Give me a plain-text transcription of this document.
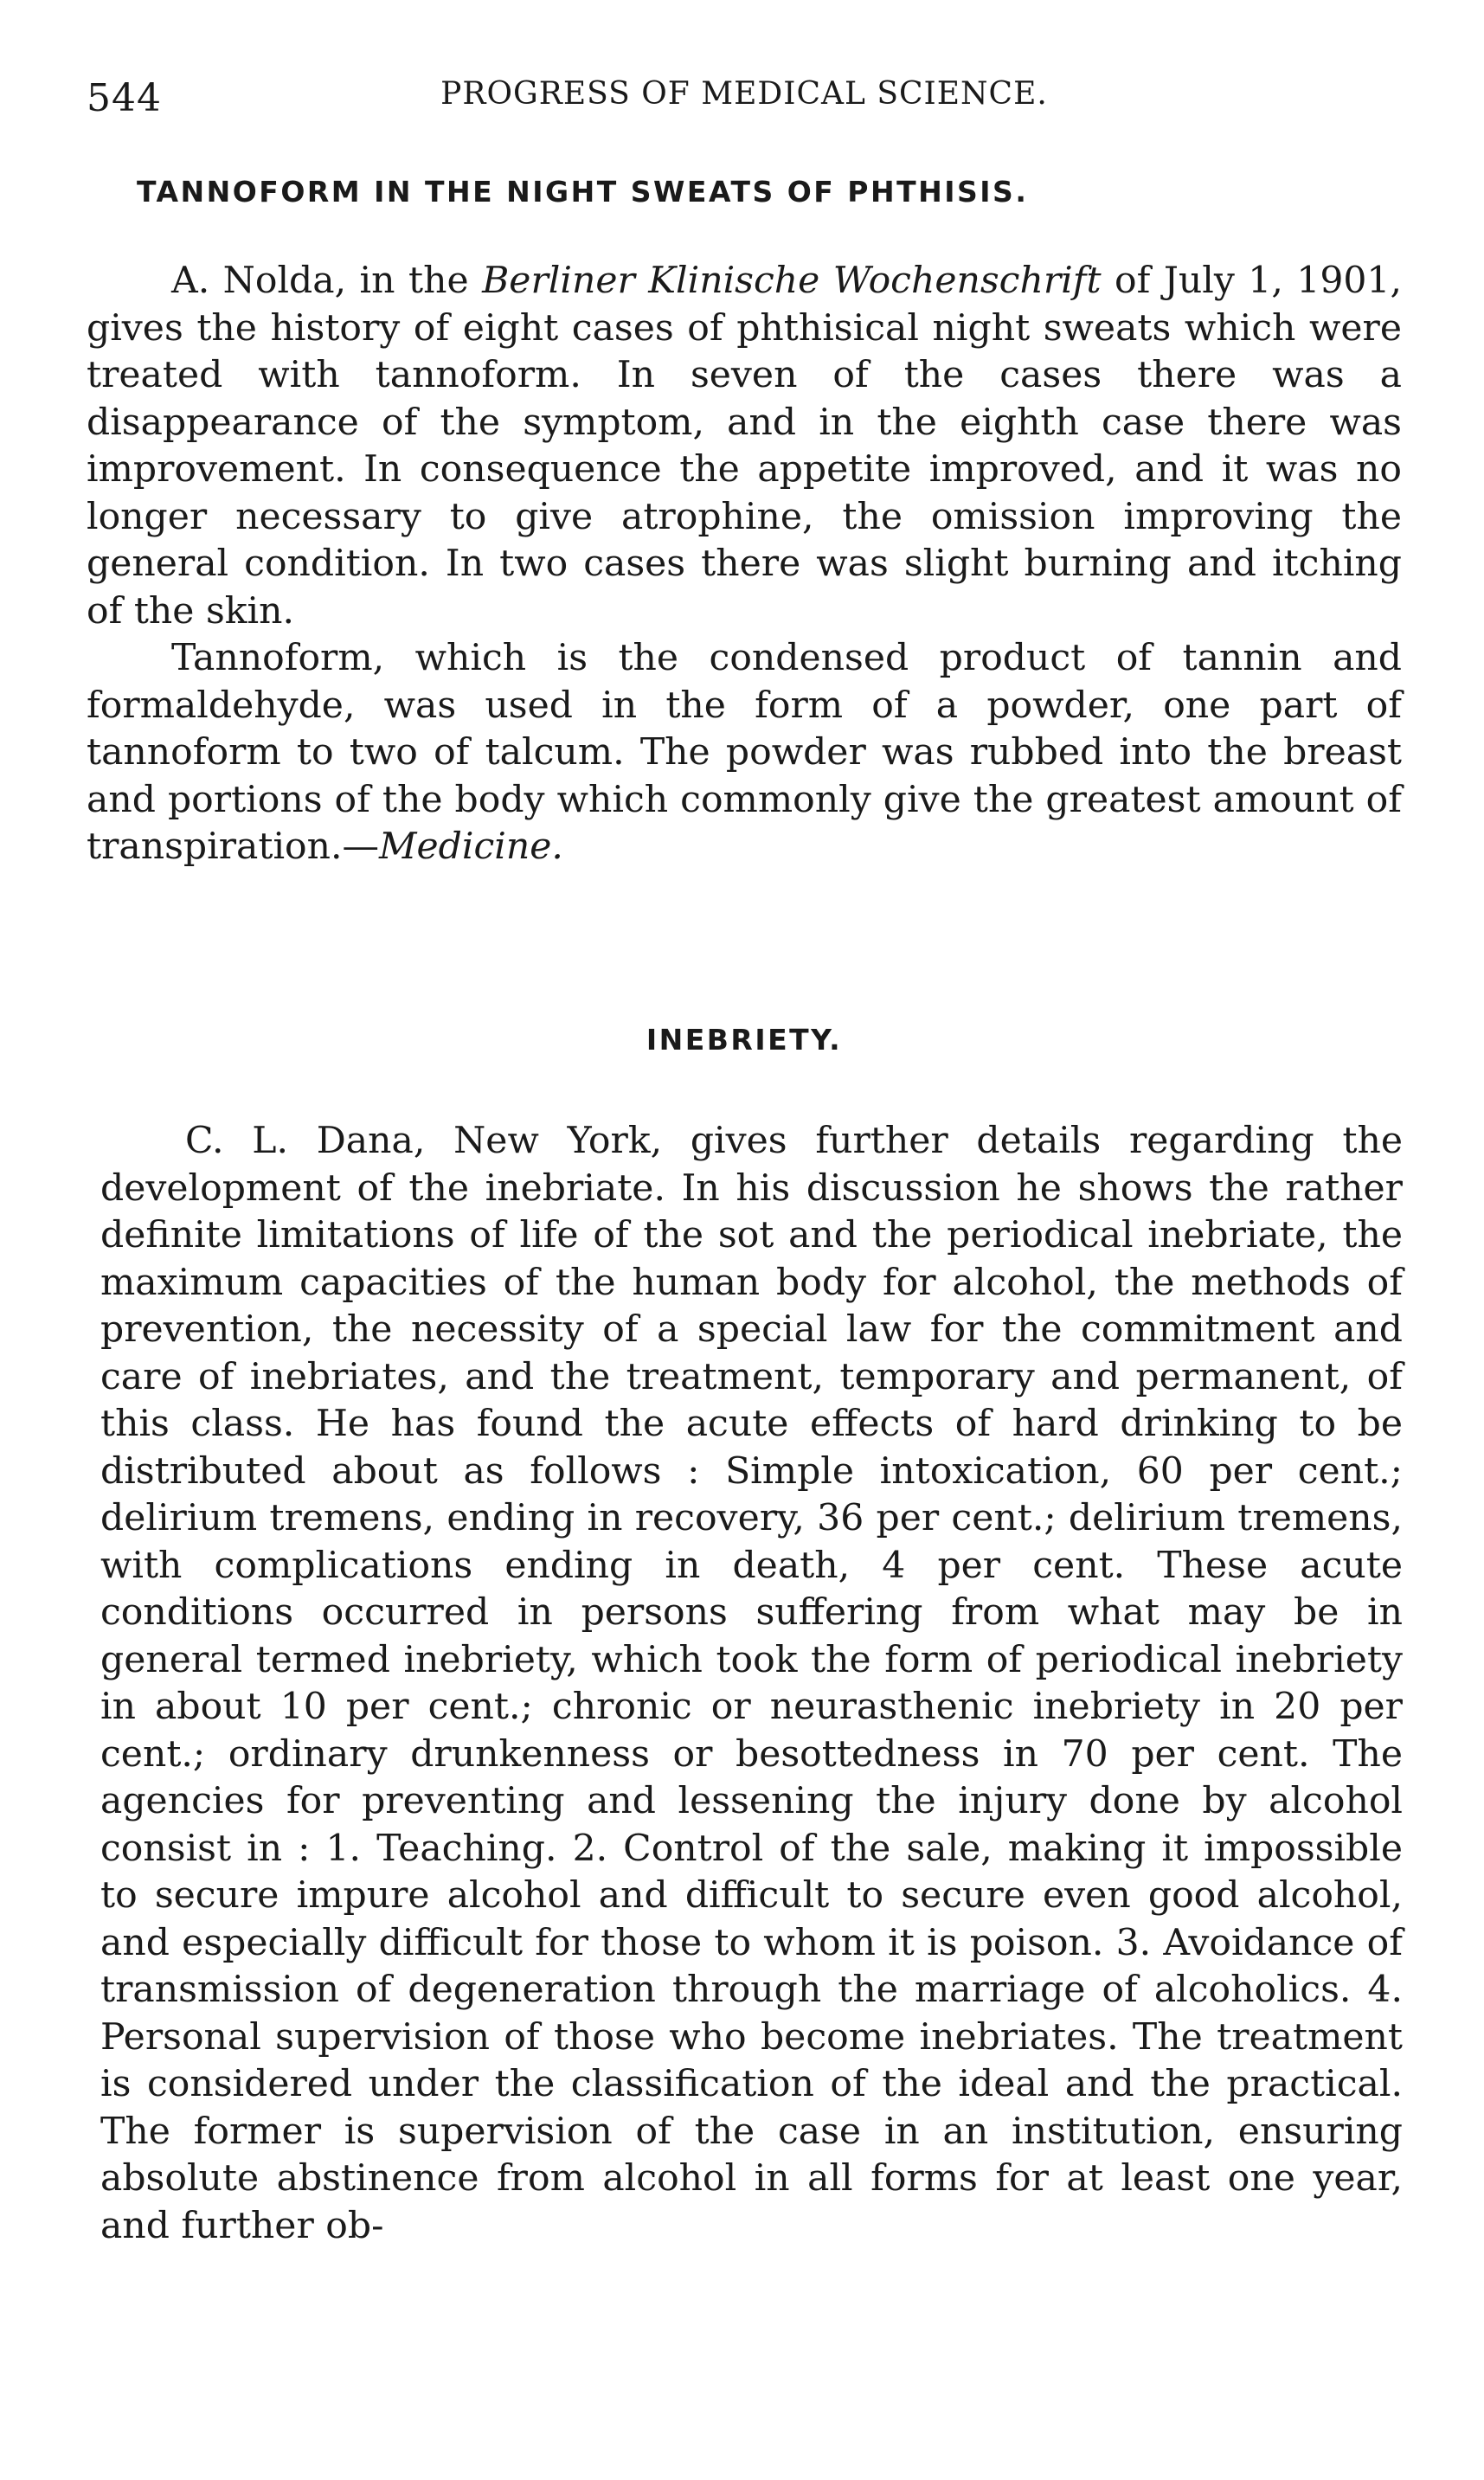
544	PROGRESS OF MEDICAL SCIENCE.
TANNOFORM IN THE NIGHT SWEATS OF PHTHISIS.

A. Nolda, in the Berliner Klinische Wochenschrift of July 1, 1901, gives the history of eight cases of phthisical night sweats which were treated with tannoform. In seven of the cases there was a disappearance of the symptom, and in the eighth case there was improvement. In consequence the appetite improved, and it was no longer necessary to give atrophine, the omission improving the general condition. In two cases there was slight burning and itching of the skin.

Tannoform, which is the condensed product of tannin and formaldehyde, was used in the form of a powder, one part of tannoform to two of talcum. The powder was rubbed into the breast and portions of the body which commonly give the greatest amount of transpiration.—Medicine.

INEBRIETY.

C. L. Dana, New York, gives further details regarding the development of the inebriate. In his discussion he shows the rather definite limitations of life of the sot and the periodical inebriate, the maximum capacities of the human body for alcohol, the methods of prevention, the necessity of a special law for the commitment and care of inebriates, and the treatment, temporary and permanent, of this class. He has found the acute effects of hard drinking to be distributed about as follows : Simple intoxication, 60 per cent.; delirium tremens, ending in recovery, 36 per cent.; delirium tremens, with complications ending in death, 4 per cent. These acute conditions occurred in persons suffering from what may be in general termed inebriety, which took the form of periodical inebriety in about 10 per cent.; chronic or neurasthenic inebriety in 20 per cent.; ordinary drunkenness or besottedness in 70 per cent. The agencies for preventing and lessening the injury done by alcohol consist in : 1. Teaching. 2. Control of the sale, making it impossible to secure impure alcohol and difficult to secure even good alcohol, and especially difficult for those to whom it is poison. 3. Avoidance of transmission of degeneration through the marriage of alcoholics. 4. Personal supervision of those who become inebriates. The treatment is considered under the classification of the ideal and the practical. The former is supervision of the case in an institution, ensuring absolute abstinence from alcohol in all forms for at least one year, and further ob-
